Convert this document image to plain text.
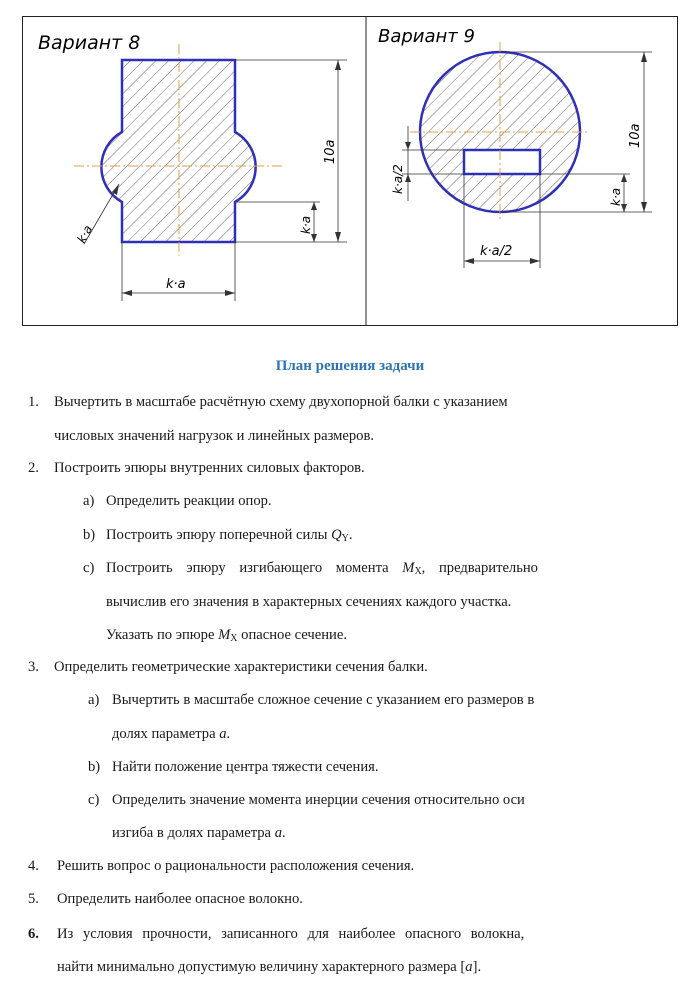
Вариант 8
10a
k·a
k·a
k·a
Вариант 9
10a
k·a
k·a/2
k·a/2
План решения задачи
1. Вычертить в масштабе расчётную схему двухопорной балки с указанием
числовых значений нагрузок и линейных размеров.
2. Построить эпюры внутренних силовых факторов.
a) Определить реакции опор.
b) Построить эпюру поперечной силы $Q_Y$.
c) Построить эпюру изгибающего момента $M_X$, предварительно
вычислив его значения в характерных сечениях каждого участка.
Указать по эпюре $M_X$ опасное сечение.
3. Определить геометрические характеристики сечения балки.
a) Вычертить в масштабе сложное сечение с указанием его размеров в
долях параметра a.
b) Найти положение центра тяжести сечения.
c) Определить значение момента инерции сечения относительно оси
изгиба в долях параметра a.
4. Решить вопрос о рациональности расположения сечения.
5. Определить наиболее опасное волокно.
6. Из условия прочности, записанного для наиболее опасного волокна,
найти минимально допустимую величину характерного размера [a].
